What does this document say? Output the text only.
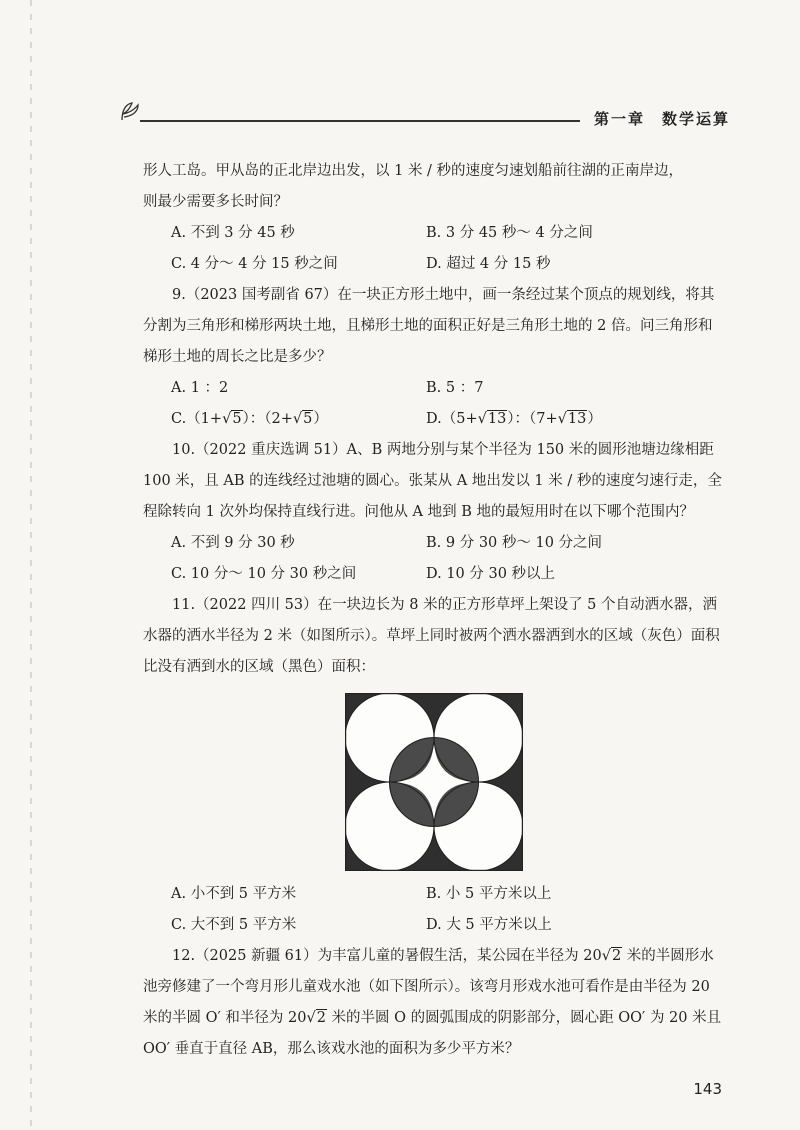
第一章　数学运算

形人工岛。甲从岛的正北岸边出发，以 1 米 / 秒的速度匀速划船前往湖的正南岸边，

则最少需要多长时间？

A. 不到 3 分 45 秒	B. 3 分 45 秒～ 4 分之间
C. 4 分～ 4 分 15 秒之间	D. 超过 4 分 15 秒

9.（2023 国考副省 67）在一块正方形土地中，画一条经过某个顶点的规划线，将其分割为三角形和梯形两块土地，且梯形土地的面积正好是三角形土地的 2 倍。问三角形和梯形土地的周长之比是多少？

A. 1 ：2	B. 5 ：7
C.（1+√5）：（2+√5）	D.（5+√13）：（7+√13）

10.（2022 重庆选调 51）A、B 两地分别与某个半径为 150 米的圆形池塘边缘相距 100 米，且 AB 的连线经过池塘的圆心。张某从 A 地出发以 1 米 / 秒的速度匀速行走，全程除转向 1 次外均保持直线行进。问他从 A 地到 B 地的最短用时在以下哪个范围内？

A. 不到 9 分 30 秒	B. 9 分 30 秒～ 10 分之间
C. 10 分～ 10 分 30 秒之间	D. 10 分 30 秒以上

11.（2022 四川 53）在一块边长为 8 米的正方形草坪上架设了 5 个自动洒水器，洒水器的洒水半径为 2 米（如图所示）。草坪上同时被两个洒水器洒到水的区域（灰色）面积比没有洒到水的区域（黑色）面积：

A. 小不到 5 平方米	B. 小 5 平方米以上
C. 大不到 5 平方米	D. 大 5 平方米以上

12.（2025 新疆 61）为丰富儿童的暑假生活，某公园在半径为 20√2 米的半圆形水池旁修建了一个弯月形儿童戏水池（如下图所示）。该弯月形戏水池可看作是由半径为 20 米的半圆 O′ 和半径为 20√2 米的半圆 O 的圆弧围成的阴影部分，圆心距 OO′ 为 20 米且 OO′ 垂直于直径 AB，那么该戏水池的面积为多少平方米？

143
